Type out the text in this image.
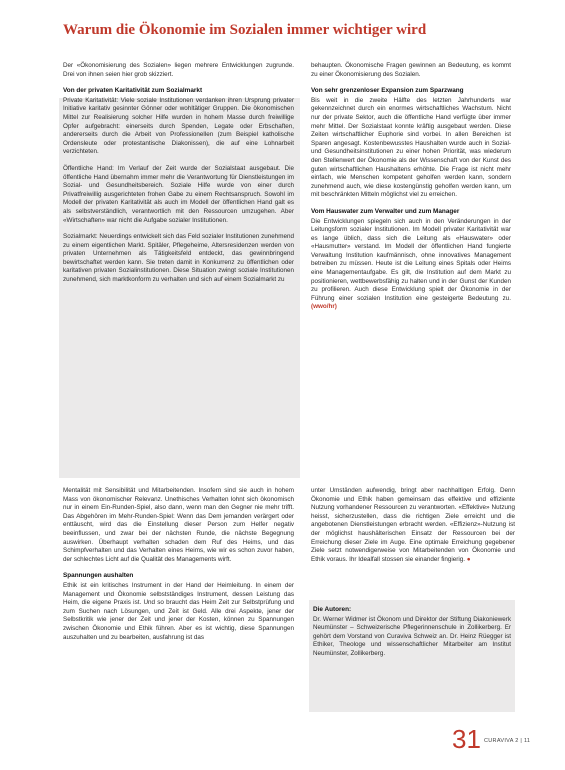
Warum die Ökonomie im Sozialen immer wichtiger wird

Der «Ökonomisierung des Sozialen» liegen mehrere Entwicklungen zugrunde. Drei von ihnen seien hier grob skizziert.

Von der privaten Karitativität zum Sozialmarkt

Private Karitativität: Viele soziale Institutionen verdanken ihren Ursprung privater Initiative karitativ gesinnter Gönner oder wohltätiger Gruppen. Die ökonomischen Mittel zur Realisierung solcher Hilfe wurden in hohem Masse durch freiwillige Opfer aufgebracht: einerseits durch Spenden, Legate oder Erbschaften, andererseits durch die Arbeit von Professionellen (zum Beispiel katholische Ordensleute oder protestantische Diakonissen), die auf eine Lohnarbeit verzichteten.

Öffentliche Hand: Im Verlauf der Zeit wurde der Sozialstaat ausgebaut. Die öffentliche Hand übernahm immer mehr die Verantwortung für Dienstleistungen im Sozial- und Gesundheitsbereich. Soziale Hilfe wurde von einer durch Privatfreiwillig ausgerichteten frohen Gabe zu einem Rechtsanspruch. Sowohl im Modell der privaten Karitativität als auch im Modell der öffentlichen Hand galt es als selbstverständlich, verantwortlich mit den Ressourcen umzugehen. Aber «Wirtschaften» war nicht die Aufgabe sozialer Institutionen.

Sozialmarkt: Neuerdings entwickelt sich das Feld sozialer Institutionen zunehmend zu einem eigentlichen Markt. Spitäler, Pflegeheime, Altersresidenzen werden von privaten Unternehmen als Tätigkeitsfeld entdeckt, das gewinnbringend bewirtschaftet werden kann. Sie treten damit in Konkurrenz zu öffentlichen oder karitativen privaten Sozialinstitutionen. Diese Situation zwingt soziale Institutionen zunehmend, sich marktkonform zu verhalten und sich auf einem Sozialmarkt zu

behaupten. Ökonomische Fragen gewinnen an Bedeutung, es kommt zu einer Ökonomisierung des Sozialen.

Von sehr grenzenloser Expansion zum Sparzwang

Bis weit in die zweite Hälfte des letzten Jahrhunderts war gekennzeichnet durch ein enormes wirtschaftliches Wachstum. Nicht nur der private Sektor, auch die öffentliche Hand verfügte über immer mehr Mittel. Der Sozialstaat konnte kräftig ausgebaut werden. Diese Zeiten wirtschaftlicher Euphorie sind vorbei. In allen Bereichen ist Sparen angesagt. Kostenbewusstes Haushalten wurde auch in Sozial- und Gesundheitsinstitutionen zu einer hohen Priorität, was wiederum den Stellenwert der Ökonomie als der Wissenschaft von der Kunst des guten wirtschaftlichen Haushaltens erhöhte. Die Frage ist nicht mehr einfach, wie Menschen kompetent geholfen werden kann, sondern zunehmend auch, wie diese kostengünstig geholfen werden kann, um mit beschränkten Mitteln möglichst viel zu erreichen.

Vom Hauswater zum Verwalter und zum Manager

Die Entwicklungen spiegeln sich auch in den Veränderungen in der Leitungsform sozialer Institutionen. Im Modell privater Karitativität war es lange üblich, dass sich die Leitung als «Hauswater» oder «Hausmutter» verstand. Im Modell der öffentlichen Hand fungierte Verwaltung Institution kaufmännisch, ohne innovatives Management betreiben zu müssen. Heute ist die Leitung eines Spitals oder Heims eine Managementaufgabe. Es gilt, die Institution auf dem Markt zu positionieren, wettbewerbsfähig zu halten und in der Gunst der Kunden zu profilieren. Auch diese Entwicklung spielt der Ökonomie in der Führung einer sozialen Institution eine gesteigerte Bedeutung zu. (wwo/hr)

Mentalität mit Sensibilität und Mitarbeitenden. Insofern sind sie auch in hohem Mass von ökonomischer Relevanz. Unethisches Verhalten lohnt sich ökonomisch nur in einem Ein-Runden-Spiel, also dann, wenn man den Gegner nie mehr trifft. Das Abgehören im Mehr-Runden-Spiel: Wenn das Dem jemanden verärgert oder enttäuscht, wird das die Einstellung dieser Person zum Helfer negativ beeinflussen, und zwar bei der nächsten Runde, die nächste Begegnung auswirken. Überhaupt verhalten schaden dem Ruf des Heims, und das Schimpfverhalten und das Verhalten eines Heims, wie wir es schon zuvor haben, der schlechtes Licht auf die Qualität des Managements wirft.

Spannungen aushalten

Ethik ist ein kritisches Instrument in der Hand der Heimleitung. In einem der Management und Ökonomie selbstständiges Instrument, dessen Leistung das Heim, die eigene Praxis ist. Und so braucht das Heim Zeit zur Selbstprüfung und zum Suchen nach Lösungen, und Zeit ist Geld. Alle drei Aspekte, jener der Selbstkritik wie jener der Zeit und jener der Kosten, können zu Spannungen zwischen Ökonomie und Ethik führen. Aber es ist wichtig, diese Spannungen auszuhalten und zu bearbeiten, ausfahrung ist das

unter Umständen aufwendig, bringt aber nachhaltigen Erfolg. Denn Ökonomie und Ethik haben gemeinsam das effektive und effiziente Nutzung vorhandener Ressourcen zu verantworten. «Effektive» Nutzung heisst, sicherzustellen, dass die richtigen Ziele erreicht und die angebotenen Dienstleistungen erbracht werden. «Effizienz»-Nutzung ist der möglichst haushälterischen Einsatz der Ressourcen bei der Erreichung dieser Ziele im Auge. Eine optimale Erreichung gegebener Ziele setzt notwendigerweise von Mitarbeitenden von Ökonomie und Ethik voraus. Ihr Idealfall stossen sie einander fingierig. ●

Die Autoren:

Dr. Werner Widmer ist Ökonom und Direktor der Stiftung Diakoniewerk Neumünster – Schweizerische Pflegerinnenschule in Zollikerberg. Er gehört dem Vorstand von Curaviva Schweiz an. Dr. Heinz Rüegger ist Ethiker, Theologe und wissenschaftlicher Mitarbeiter am Institut Neumünster, Zollikerberg.

31 CURAVIVA 2 | 11
